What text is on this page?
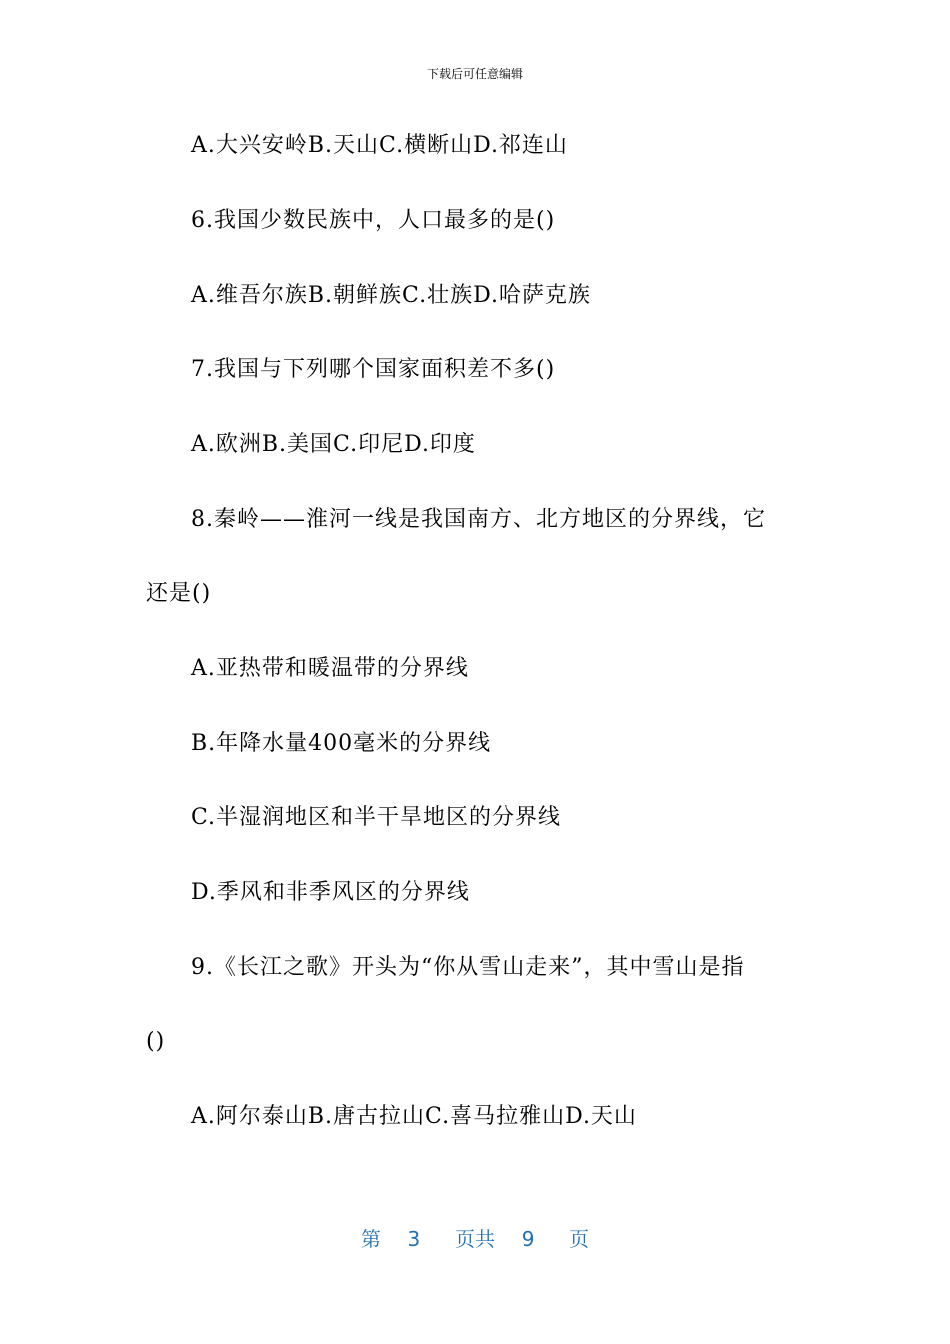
下载后可任意编辑
A.大兴安岭B.天山C.横断山D.祁连山
6.我国少数民族中，人口最多的是()
A.维吾尔族B.朝鲜族C.壮族D.哈萨克族
7.我国与下列哪个国家面积差不多()
A.欧洲B.美国C.印尼D.印度
8.秦岭——淮河一线是我国南方、北方地区的分界线，它
还是()
A.亚热带和暖温带的分界线
B.年降水量400毫米的分界线
C.半湿润地区和半干旱地区的分界线
D.季风和非季风区的分界线
9.《长江之歌》开头为“你从雪山走来”，其中雪山是指
()
A.阿尔泰山B.唐古拉山C.喜马拉雅山D.天山
第 3 页共 9 页
